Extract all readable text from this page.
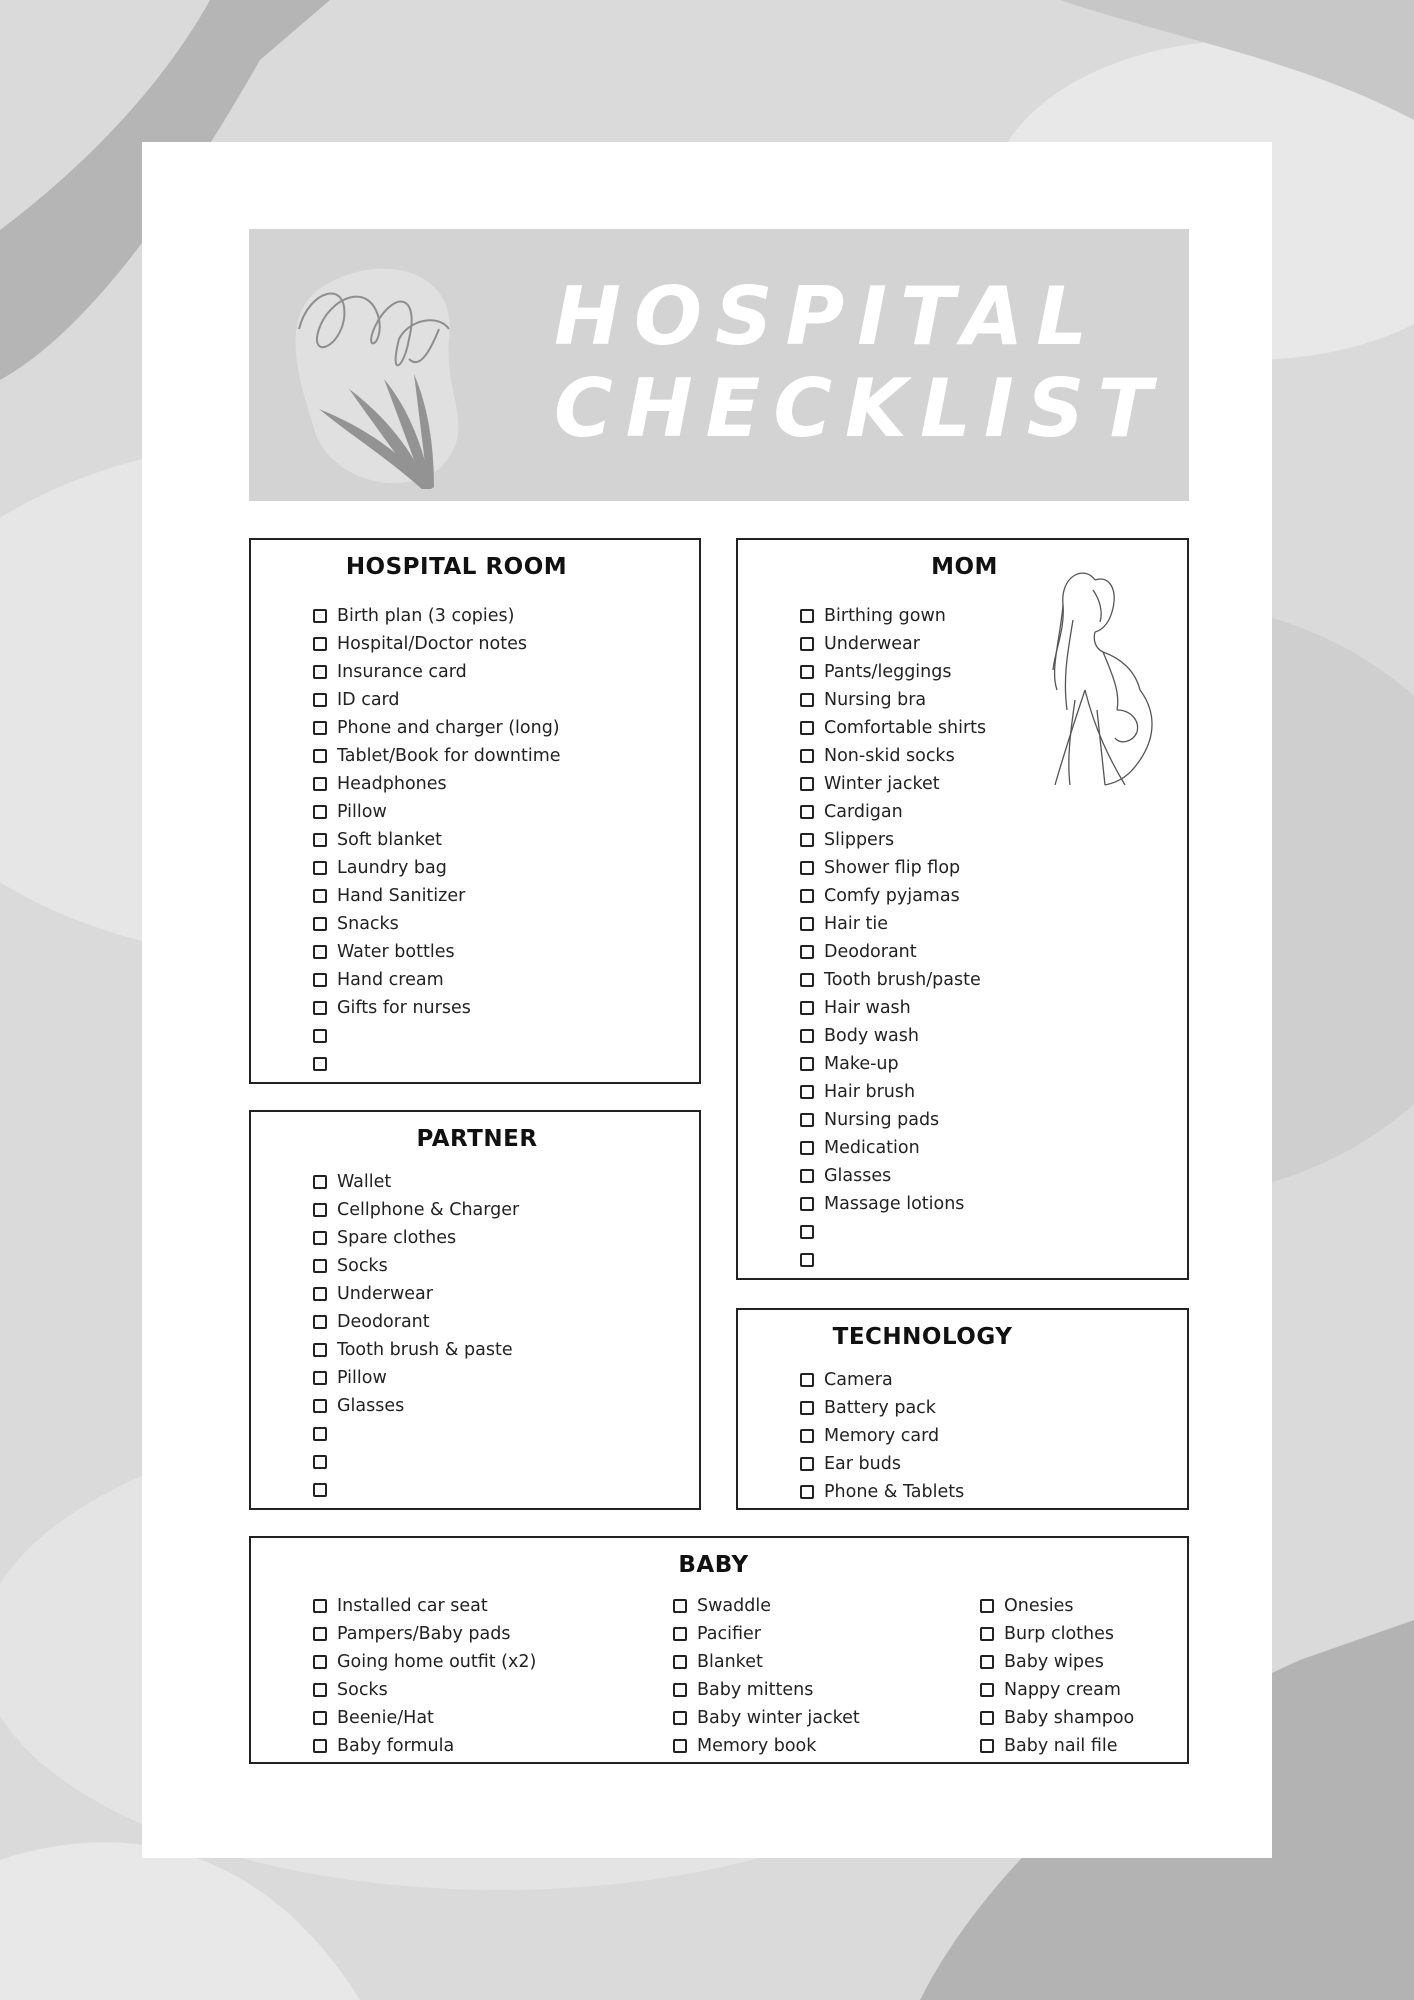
HOSPITAL
CHECKLIST
HOSPITAL ROOM
Birth plan (3 copies)
Hospital/Doctor notes
Insurance card
ID card
Phone and charger (long)
Tablet/Book for downtime
Headphones
Pillow
Soft blanket
Laundry bag
Hand Sanitizer
Snacks
Water bottles
Hand cream
Gifts for nurses
MOM
Birthing gown
Underwear
Pants/leggings
Nursing bra
Comfortable shirts
Non-skid socks
Winter jacket
Cardigan
Slippers
Shower flip flop
Comfy pyjamas
Hair tie
Deodorant
Tooth brush/paste
Hair wash
Body wash
Make-up
Hair brush
Nursing pads
Medication
Glasses
Massage lotions
PARTNER
Wallet
Cellphone & Charger
Spare clothes
Socks
Underwear
Deodorant
Tooth brush & paste
Pillow
Glasses
TECHNOLOGY
Camera
Battery pack
Memory card
Ear buds
Phone & Tablets
BABY
Installed car seat
Pampers/Baby pads
Going home outfit (x2)
Socks
Beenie/Hat
Baby formula
Swaddle
Pacifier
Blanket
Baby mittens
Baby winter jacket
Memory book
Onesies
Burp clothes
Baby wipes
Nappy cream
Baby shampoo
Baby nail file
